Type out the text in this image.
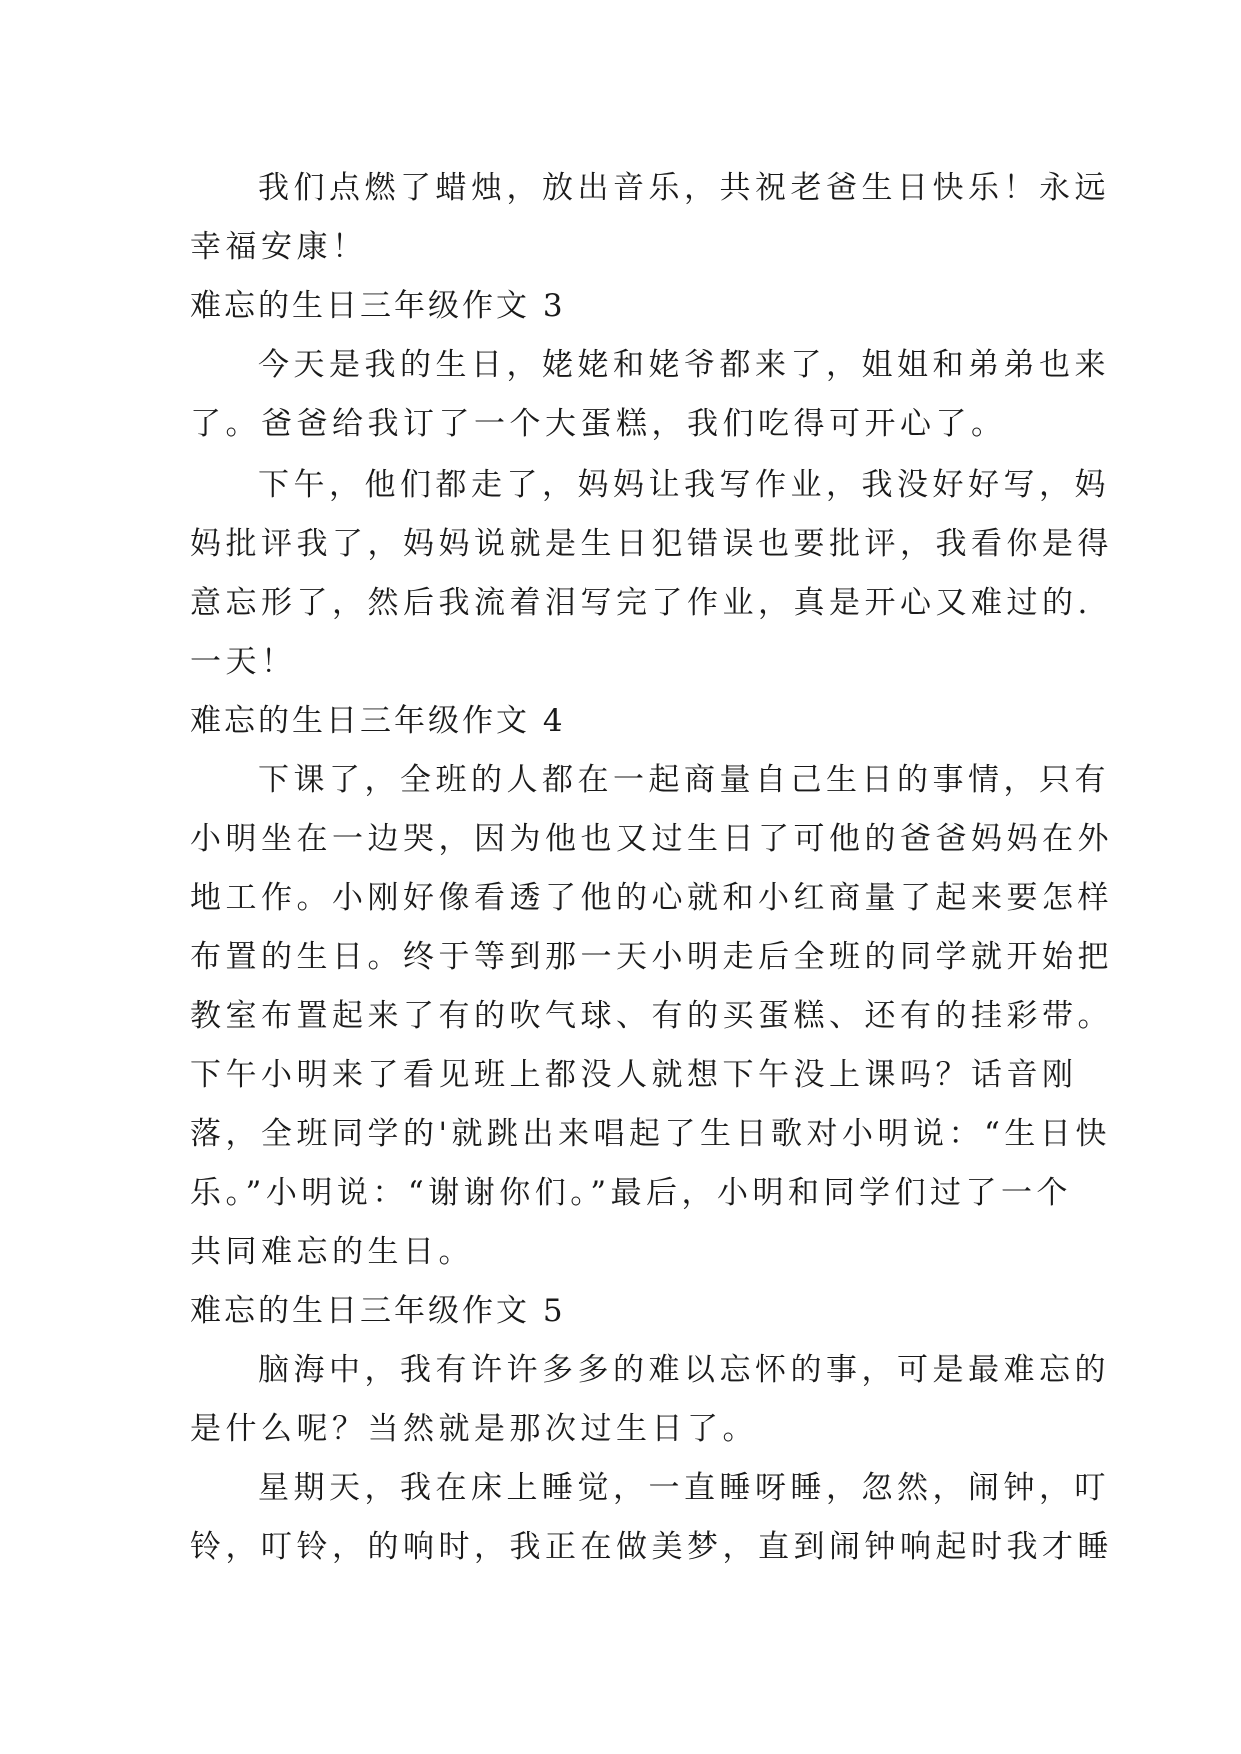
我们点燃了蜡烛，放出音乐，共祝老爸生日快乐！永远
幸福安康！
难忘的生日三年级作文 3
今天是我的生日，姥姥和姥爷都来了，姐姐和弟弟也来
了。爸爸给我订了一个大蛋糕，我们吃得可开心了。
下午，他们都走了，妈妈让我写作业，我没好好写，妈
妈批评我了，妈妈说就是生日犯错误也要批评，我看你是得
意忘形了，然后我流着泪写完了作业，真是开心又难过的.
一天！
难忘的生日三年级作文 4
下课了，全班的人都在一起商量自己生日的事情，只有
小明坐在一边哭，因为他也又过生日了可他的爸爸妈妈在外
地工作。小刚好像看透了他的心就和小红商量了起来要怎样
布置的生日。终于等到那一天小明走后全班的同学就开始把
教室布置起来了有的吹气球、有的买蛋糕、还有的挂彩带。
下午小明来了看见班上都没人就想下午没上课吗？话音刚
落，全班同学的'就跳出来唱起了生日歌对小明说：“生日快
乐。”小明说：“谢谢你们。”最后，小明和同学们过了一个
共同难忘的生日。
难忘的生日三年级作文 5
脑海中，我有许许多多的难以忘怀的事，可是最难忘的
是什么呢？当然就是那次过生日了。
星期天，我在床上睡觉，一直睡呀睡，忽然，闹钟，叮
铃，叮铃，的响时，我正在做美梦，直到闹钟响起时我才睡
